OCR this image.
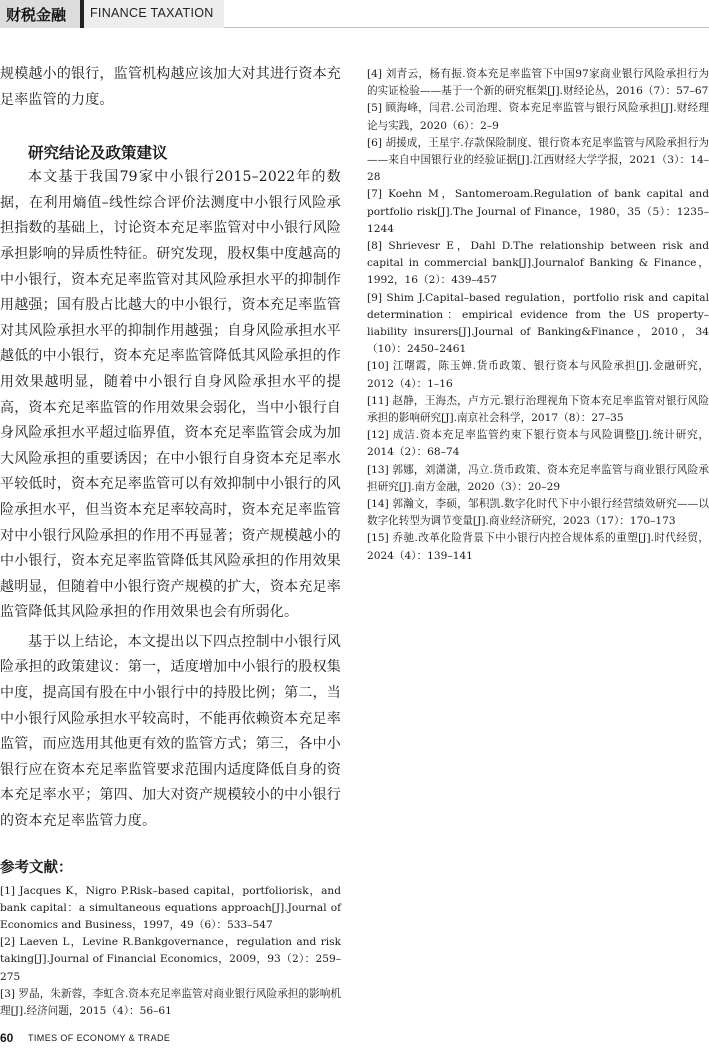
财税金融 FINANCE TAXATION

规模越小的银行，监管机构越应该加大对其进行资本充足率监管的力度。

研究结论及政策建议

本文基于我国79家中小银行2015–2022年的数据，在利用熵值–线性综合评价法测度中小银行风险承担指数的基础上，讨论资本充足率监管对中小银行风险承担影响的异质性特征。研究发现，股权集中度越高的中小银行，资本充足率监管对其风险承担水平的抑制作用越强；国有股占比越大的中小银行，资本充足率监管对其风险承担水平的抑制作用越强；自身风险承担水平越低的中小银行，资本充足率监管降低其风险承担的作用效果越明显，随着中小银行自身风险承担水平的提高，资本充足率监管的作用效果会弱化，当中小银行自身风险承担水平超过临界值，资本充足率监管会成为加大风险承担的重要诱因；在中小银行自身资本充足率水平较低时，资本充足率监管可以有效抑制中小银行的风险承担水平，但当资本充足率较高时，资本充足率监管对中小银行风险承担的作用不再显著；资产规模越小的中小银行，资本充足率监管降低其风险承担的作用效果越明显，但随着中小银行资产规模的扩大，资本充足率监管降低其风险承担的作用效果也会有所弱化。

基于以上结论，本文提出以下四点控制中小银行风险承担的政策建议：第一，适度增加中小银行的股权集中度，提高国有股在中小银行中的持股比例；第二，当中小银行风险承担水平较高时，不能再依赖资本充足率监管，而应选用其他更有效的监管方式；第三，各中小银行应在资本充足率监管要求范围内适度降低自身的资本充足率水平；第四、加大对资产规模较小的中小银行的资本充足率监管力度。

参考文献：

[1] Jacques K，Nigro P.Risk–based capital，portfoliorisk，and bank capital：a simultaneous equations approach[J].Journal of Economics and Business，1997，49（6）：533–547

[2] Laeven L，Levine R.Bankgovernance，regulation and risk taking[J].Journal of Financial Economics，2009，93（2）：259–275

[3] 罗晶，朱新蓉，李虹含.资本充足率监管对商业银行风险承担的影响机理[J].经济问题，2015（4）：56–61

[4] 刘青云，杨有振.资本充足率监管下中国97家商业银行风险承担行为的实证检验——基于一个新的研究框架[J].财经论丛，2016（7）：57–67

[5] 顾海峰，闫君.公司治理、资本充足率监管与银行风险承担[J].财经理论与实践，2020（6）：2–9

[6] 胡援成，王星宇.存款保险制度、银行资本充足率监管与风险承担行为——来自中国银行业的经验证据[J].江西财经大学学报，2021（3）：14–28

[7] Koehn M，Santomeroam.Regulation of bank capital and portfolio risk[J].The Journal of Finance，1980，35（5）：1235–1244

[8] Shrievesr E，Dahl D.The relationship between risk and capital in commercial bank[J].Journalof Banking & Finance，1992，16（2）：439–457

[9] Shim J.Capital–based regulation，portfolio risk and capital determination：empirical evidence from the US property–liability insurers[J].Journal of Banking&Finance，2010，34（10）：2450–2461

[10] 江曙霞，陈玉婵.货币政策、银行资本与风险承担[J].金融研究，2012（4）：1–16

[11] 赵静，王海杰，卢方元.银行治理视角下资本充足率监管对银行风险承担的影响研究[J].南京社会科学，2017（8）：27–35

[12] 成洁.资本充足率监管约束下银行资本与风险调整[J].统计研究，2014（2）：68–74

[13] 郭娜，刘潇潇，冯立.货币政策、资本充足率监管与商业银行风险承担研究[J].南方金融，2020（3）：20–29

[14] 郭瀚文，李硕，邹积凯.数字化时代下中小银行经营绩效研究——以数字化转型为调节变量[J].商业经济研究，2023（17）：170–173

[15] 乔驰.改革化险背景下中小银行内控合规体系的重塑[J].时代经贸，2024（4）：139–141

60 TIMES OF ECONOMY & TRADE
